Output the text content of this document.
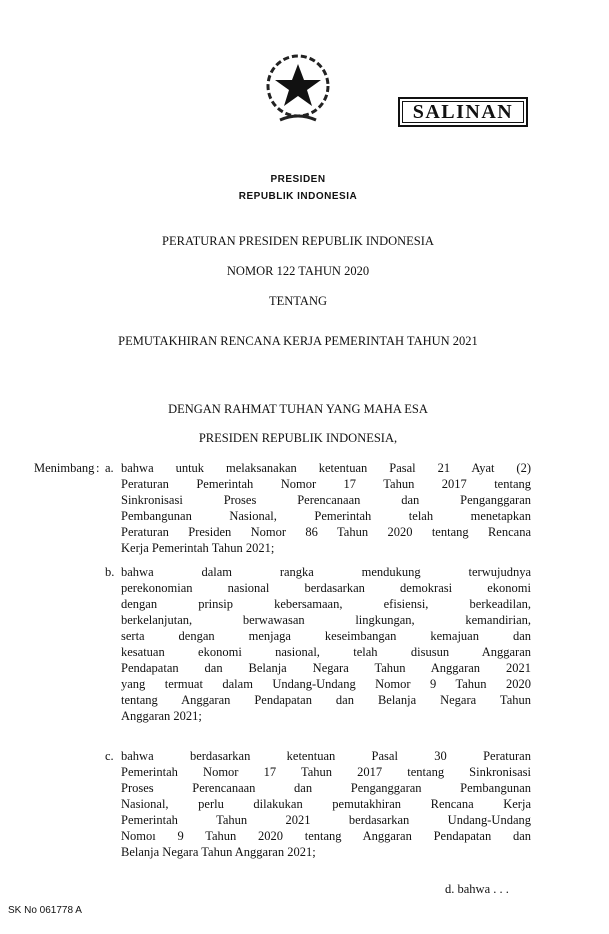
SALINAN
PRESIDEN
REPUBLIK INDONESIA
PERATURAN PRESIDEN REPUBLIK INDONESIA
NOMOR 122 TAHUN 2020
TENTANG
PEMUTAKHIRAN RENCANA KERJA PEMERINTAH TAHUN 2021
DENGAN RAHMAT TUHAN YANG MAHA ESA
PRESIDEN REPUBLIK INDONESIA,
Menimbang : a. bahwa untuk melaksanakan ketentuan Pasal 21 Ayat (2)
Peraturan Pemerintah Nomor 17 Tahun 2017 tentang
Sinkronisasi Proses Perencanaan dan Penganggaran
Pembangunan Nasional, Pemerintah telah menetapkan
Peraturan Presiden Nomor 86 Tahun 2020 tentang Rencana
Kerja Pemerintah Tahun 2021;
b. bahwa dalam rangka mendukung terwujudnya
perekonomian nasional berdasarkan demokrasi ekonomi
dengan prinsip kebersamaan, efisiensi, berkeadilan,
berkelanjutan, berwawasan lingkungan, kemandirian,
serta dengan menjaga keseimbangan kemajuan dan
kesatuan ekonomi nasional, telah disusun Anggaran
Pendapatan dan Belanja Negara Tahun Anggaran 2021
yang termuat dalam Undang-Undang Nomor 9 Tahun 2020
tentang Anggaran Pendapatan dan Belanja Negara Tahun
Anggaran 2021;
c. bahwa berdasarkan ketentuan Pasal 30 Peraturan
Pemerintah Nomor 17 Tahun 2017 tentang Sinkronisasi
Proses Perencanaan dan Penganggaran Pembangunan
Nasional, perlu dilakukan pemutakhiran Rencana Kerja
Pemerintah Tahun 2021 berdasarkan Undang-Undang
Nomoı 9 Tahun 2020 tentang Anggaran Pendapatan dan
Belanja Negara Tahun Anggaran 2021;
d. bahwa . . .
SK No 061778 A
